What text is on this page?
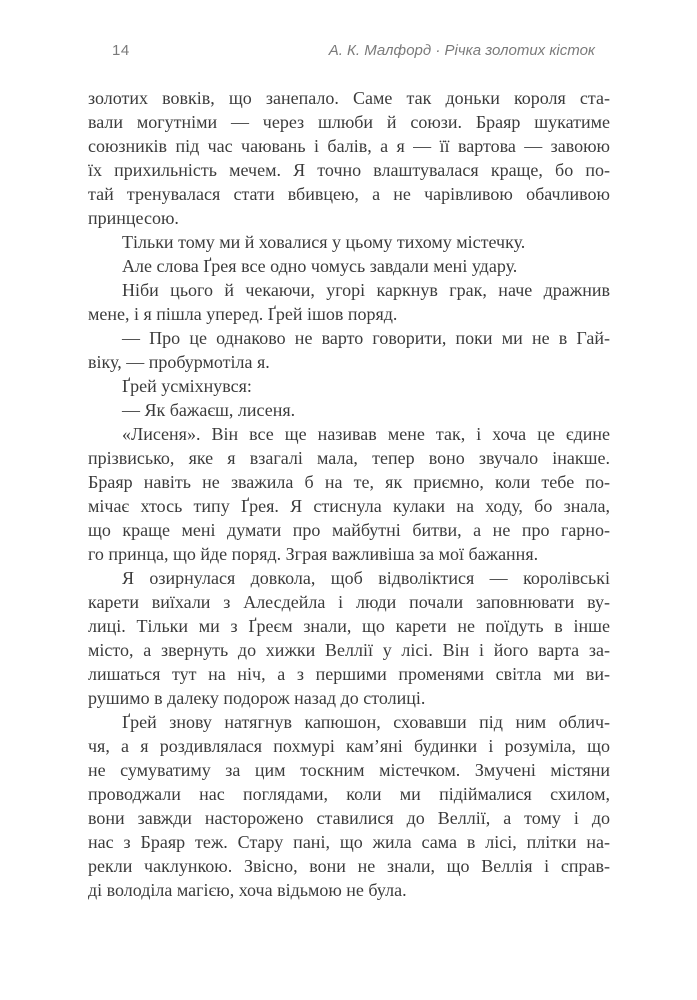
14	А. К. Малфорд · Річка золотих кісток
золотих вовків, що занепало. Саме так доньки короля ста-
вали могутніми — через шлюби й союзи. Браяр шукатиме
союзників під час чаювань і балів, а я — її вартова — завоюю
їх прихильність мечем. Я точно влаштувалася краще, бо по-
тай тренувалася стати вбивцею, а не чарівливою обачливою
принцесою.
Тільки тому ми й ховалися у цьому тихому містечку.
Але слова Ґрея все одно чомусь завдали мені удару.
Ніби цього й чекаючи, угорі каркнув грак, наче дражнив
мене, і я пішла уперед. Ґрей ішов поряд.
— Про це однаково не варто говорити, поки ми не в Гай-
віку, — пробурмотіла я.
Ґрей усміхнувся:
— Як бажаєш, лисеня.
«Лисеня». Він все ще називав мене так, і хоча це єдине
прізвисько, яке я взагалі мала, тепер воно звучало інакше.
Браяр навіть не зважила б на те, як приємно, коли тебе по-
мічає хтось типу Ґрея. Я стиснула кулаки на ходу, бо знала,
що краще мені думати про майбутні битви, а не про гарно-
го принца, що йде поряд. Зграя важливіша за мої бажання.
Я озирнулася довкола, щоб відволіктися — королівські
карети виїхали з Алесдейла і люди почали заповнювати ву-
лиці. Тільки ми з Ґреєм знали, що карети не поїдуть в інше
місто, а звернуть до хижки Веллії у лісі. Він і його варта за-
лишаться тут на ніч, а з першими променями світла ми ви-
рушимо в далеку подорож назад до столиці.
Ґрей знову натягнув капюшон, сховавши під ним облич-
чя, а я роздивлялася похмурі кам’яні будинки і розуміла, що
не сумуватиму за цим тоскним містечком. Змучені містяни
проводжали нас поглядами, коли ми підіймалися схилом,
вони завжди насторожено ставилися до Веллії, а тому і до
нас з Браяр теж. Стару пані, що жила сама в лісі, плітки на-
рекли чаклункою. Звісно, вони не знали, що Веллія і справ-
ді володіла магією, хоча відьмою не була.
